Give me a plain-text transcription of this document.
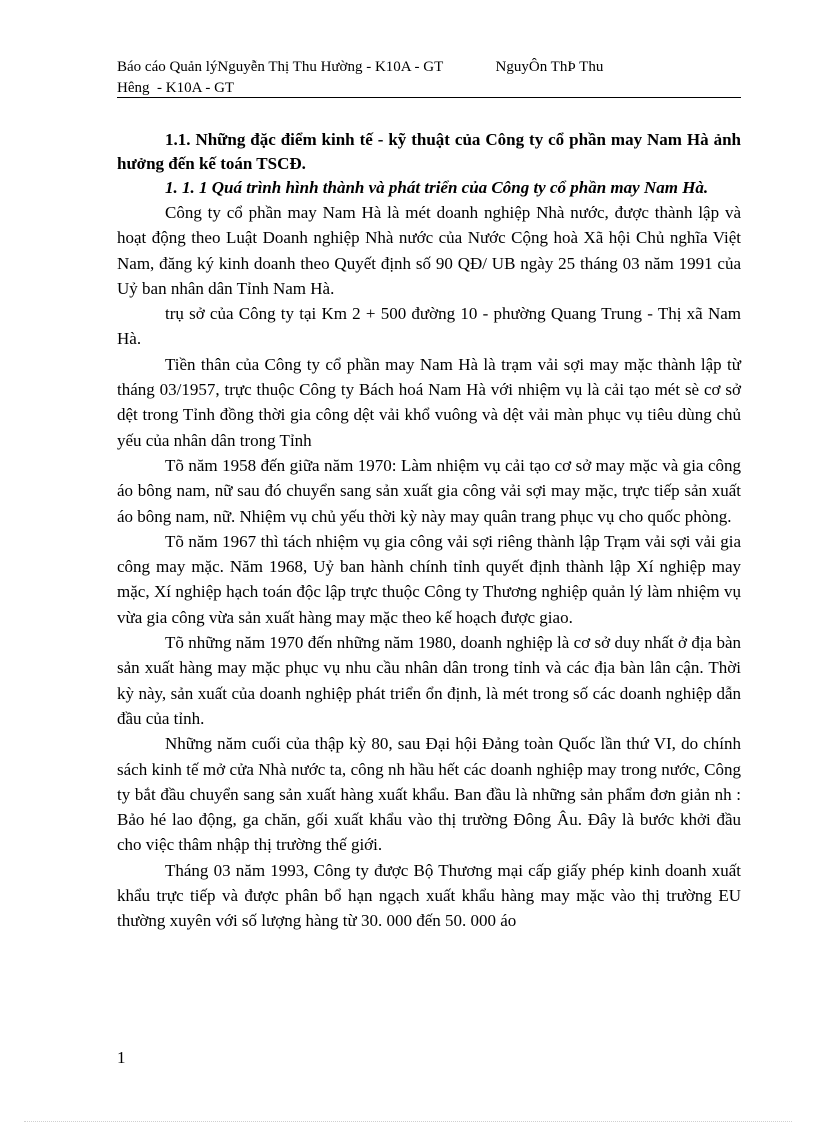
Báo cáo Quản lýNguyễn Thị Thu Hường - K10A - GT              NguyÔn ThÞ Thu
Hêng  - K10A - GT

1.1. Những đặc điểm kinh tế - kỹ thuật của Công ty cổ phần may Nam Hà ảnh hưởng đến kế toán TSCĐ.

1. 1. 1 Quá trình hình thành và phát triển của Công ty cổ phần may Nam Hà.

Công ty cổ phần may Nam Hà là mét doanh nghiệp Nhà nước, được thành lập và hoạt động theo Luật Doanh nghiệp Nhà nước của Nước Cộng hoà Xã hội Chủ nghĩa Việt Nam, đăng ký kinh doanh theo Quyết định số 90 QĐ/ UB ngày 25 tháng 03 năm 1991 của Uỷ ban nhân dân Tỉnh Nam Hà.

trụ sở của Công ty tại Km 2 + 500 đường 10 - phường Quang Trung - Thị xã Nam Hà.

Tiền thân của Công ty cổ phần may Nam Hà là trạm vải sợi may mặc thành lập từ tháng 03/1957, trực thuộc Công ty Bách hoá Nam Hà với nhiệm vụ là cải tạo mét sè cơ sở dệt trong Tỉnh đồng thời gia công dệt vải khổ vuông và dệt vải màn phục vụ tiêu dùng chủ yếu của nhân dân trong Tỉnh

Tõ năm 1958 đến giữa năm 1970: Làm nhiệm vụ cải tạo cơ sở may mặc và gia công áo bông nam, nữ sau đó chuyển sang sản xuất gia công vải sợi may mặc, trực tiếp sản xuất áo bông nam, nữ. Nhiệm vụ chủ yếu thời kỳ này may quân trang phục vụ cho quốc phòng.

Tõ năm 1967 thì tách nhiệm vụ gia công vải sợi riêng thành lập Trạm vải sợi vải gia công may mặc. Năm 1968, Uỷ ban hành chính tỉnh quyết định thành lập Xí nghiệp may mặc, Xí nghiệp hạch toán độc lập trực thuộc Công ty Thương nghiệp quản lý làm nhiệm vụ vừa gia công vừa sản xuất hàng may mặc theo kế hoạch được giao.

Tõ những năm 1970 đến những năm 1980, doanh nghiệp là cơ sở duy nhất ở địa bàn sản xuất hàng may mặc phục vụ nhu cầu nhân dân trong tỉnh và các địa bàn lân cận. Thời kỳ này, sản xuất của doanh nghiệp phát triển ổn định, là mét trong số các doanh nghiệp dẫn đầu của tỉnh.

Những năm cuối của thập kỳ 80, sau Đại hội Đảng toàn Quốc lần thứ VI, do chính sách kinh tế mở cửa Nhà nước ta, công nh hầu hết các doanh nghiệp may trong nước, Công ty bắt đầu chuyển sang sản xuất hàng xuất khẩu. Ban đầu là những sản phẩm đơn giản nh : Bảo hé lao động, ga chăn, gối xuất khẩu vào thị trường Đông Âu. Đây là bước khởi đầu cho việc thâm nhập thị trường thế giới.

Tháng 03 năm 1993, Công ty được Bộ Thương mại cấp giấy phép kinh doanh xuất khẩu trực tiếp và được phân bổ hạn ngạch xuất khẩu hàng may mặc vào thị trường EU thường xuyên với số lượng hàng từ 30. 000 đến 50. 000 áo

1
